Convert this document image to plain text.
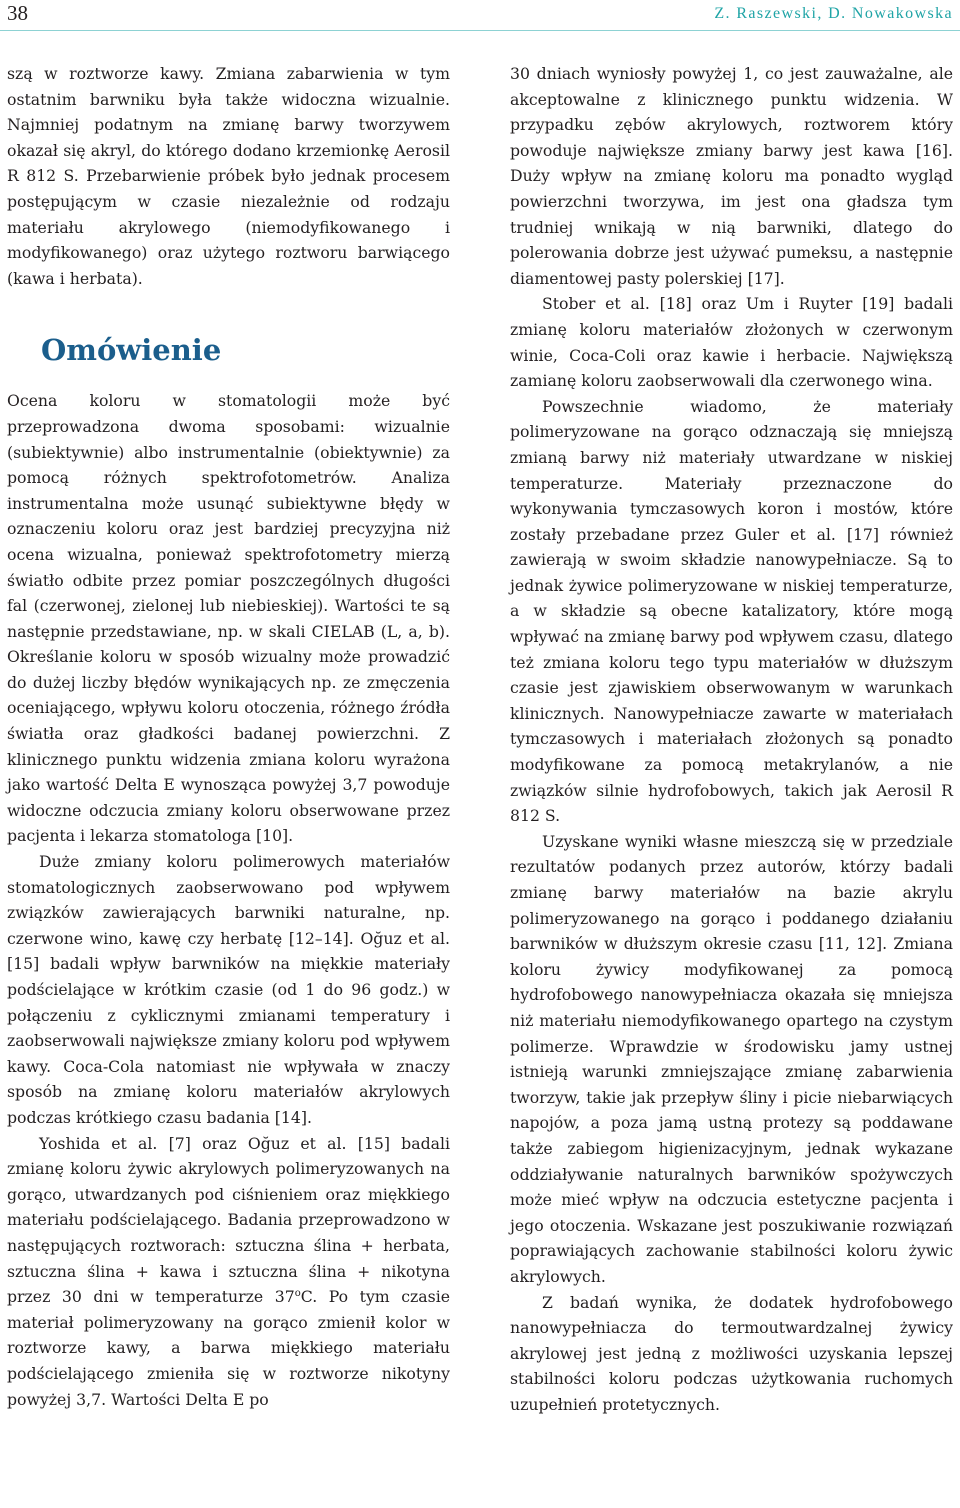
38	Z. Raszewski, D. Nowakowska

szą w roztworze kawy. Zmiana zabarwienia w tym ostatnim barwniku była także widoczna wizualnie. Najmniej podatnym na zmianę barwy tworzywem okazał się akryl, do którego dodano krzemionkę Aerosil R 812 S. Przebarwienie próbek było jednak procesem postępującym w czasie niezależnie od rodzaju materiału akrylowego (niemodyfikowanego i modyfikowanego) oraz użytego roztworu barwiącego (kawa i herbata).

Omówienie

Ocena koloru w stomatologii może być przeprowadzona dwoma sposobami: wizualnie (subiektywnie) albo instrumentalnie (obiektywnie) za pomocą różnych spektrofotometrów. Analiza instrumentalna może usunąć subiektywne błędy w oznaczeniu koloru oraz jest bardziej precyzyjna niż ocena wizualna, ponieważ spektrofotometry mierzą światło odbite przez pomiar poszczególnych długości fal (czerwonej, zielonej lub niebieskiej). Wartości te są następnie przedstawiane, np. w skali CIELAB (L, a, b). Określanie koloru w sposób wizualny może prowadzić do dużej liczby błędów wynikających np. ze zmęczenia oceniającego, wpływu koloru otoczenia, różnego źródła światła oraz gładkości badanej powierzchni. Z klinicznego punktu widzenia zmiana koloru wyrażona jako wartość Delta E wynosząca powyżej 3,7 powoduje widoczne odczucia zmiany koloru obserwowane przez pacjenta i lekarza stomatologa [10].

Duże zmiany koloru polimerowych materiałów stomatologicznych zaobserwowano pod wpływem związków zawierających barwniki naturalne, np. czerwone wino, kawę czy herbatę [12–14]. Oğuz et al. [15] badali wpływ barwników na miękkie materiały podścielające w krótkim czasie (od 1 do 96 godz.) w połączeniu z cyklicznymi zmianami temperatury i zaobserwowali największe zmiany koloru pod wpływem kawy. Coca-Cola natomiast nie wpływała w znaczy sposób na zmianę koloru materiałów akrylowych podczas krótkiego czasu badania [14].

Yoshida et al. [7] oraz Oğuz et al. [15] badali zmianę koloru żywic akrylowych polimeryzowanych na gorąco, utwardzanych pod ciśnieniem oraz miękkiego materiału podścielającego. Badania przeprowadzono w następujących roztworach: sztuczna ślina + herbata, sztuczna ślina + kawa i sztuczna ślina + nikotyna przez 30 dni w temperaturze 37$^o$C. Po tym czasie materiał polimeryzowany na gorąco zmienił kolor w roztworze kawy, a barwa miękkiego materiału podścielającego zmieniła się w roztworze nikotyny powyżej 3,7. Wartości Delta E po

30 dniach wyniosły powyżej 1, co jest zauważalne, ale akceptowalne z klinicznego punktu widzenia. W przypadku zębów akrylowych, roztworem który powoduje największe zmiany barwy jest kawa [16]. Duży wpływ na zmianę koloru ma ponadto wygląd powierzchni tworzywa, im jest ona gładsza tym trudniej wnikają w nią barwniki, dlatego do polerowania dobrze jest używać pumeksu, a następnie diamentowej pasty polerskiej [17].

Stober et al. [18] oraz Um i Ruyter [19] badali zmianę koloru materiałów złożonych w czerwonym winie, Coca-Coli oraz kawie i herbacie. Największą zamianę koloru zaobserwowali dla czerwonego wina.

Powszechnie wiadomo, że materiały polimeryzowane na gorąco odznaczają się mniejszą zmianą barwy niż materiały utwardzane w niskiej temperaturze. Materiały przeznaczone do wykonywania tymczasowych koron i mostów, które zostały przebadane przez Guler et al. [17] również zawierają w swoim składzie nanowypełniacze. Są to jednak żywice polimeryzowane w niskiej temperaturze, a w składzie są obecne katalizatory, które mogą wpływać na zmianę barwy pod wpływem czasu, dlatego też zmiana koloru tego typu materiałów w dłuższym czasie jest zjawiskiem obserwowanym w warunkach klinicznych. Nanowypełniacze zawarte w materiałach tymczasowych i materiałach złożonych są ponadto modyfikowane za pomocą metakrylanów, a nie związków silnie hydrofobowych, takich jak Aerosil R 812 S.

Uzyskane wyniki własne mieszczą się w przedziale rezultatów podanych przez autorów, którzy badali zmianę barwy materiałów na bazie akrylu polimeryzowanego na gorąco i poddanego działaniu barwników w dłuższym okresie czasu [11, 12]. Zmiana koloru żywicy modyfikowanej za pomocą hydrofobowego nanowypełniacza okazała się mniejsza niż materiału niemodyfikowanego opartego na czystym polimerze. Wprawdzie w środowisku jamy ustnej istnieją warunki zmniejszające zmianę zabarwienia tworzyw, takie jak przepływ śliny i picie niebarwiących napojów, a poza jamą ustną protezy są poddawane także zabiegom higienizacyjnym, jednak wykazane oddziaływanie naturalnych barwników spożywczych może mieć wpływ na odczucia estetyczne pacjenta i jego otoczenia. Wskazane jest poszukiwanie rozwiązań poprawiających zachowanie stabilności koloru żywic akrylowych.

Z badań wynika, że dodatek hydrofobowego nanowypełniacza do termoutwardzalnej żywicy akrylowej jest jedną z możliwości uzyskania lepszej stabilności koloru podczas użytkowania ruchomych uzupełnień protetycznych.
